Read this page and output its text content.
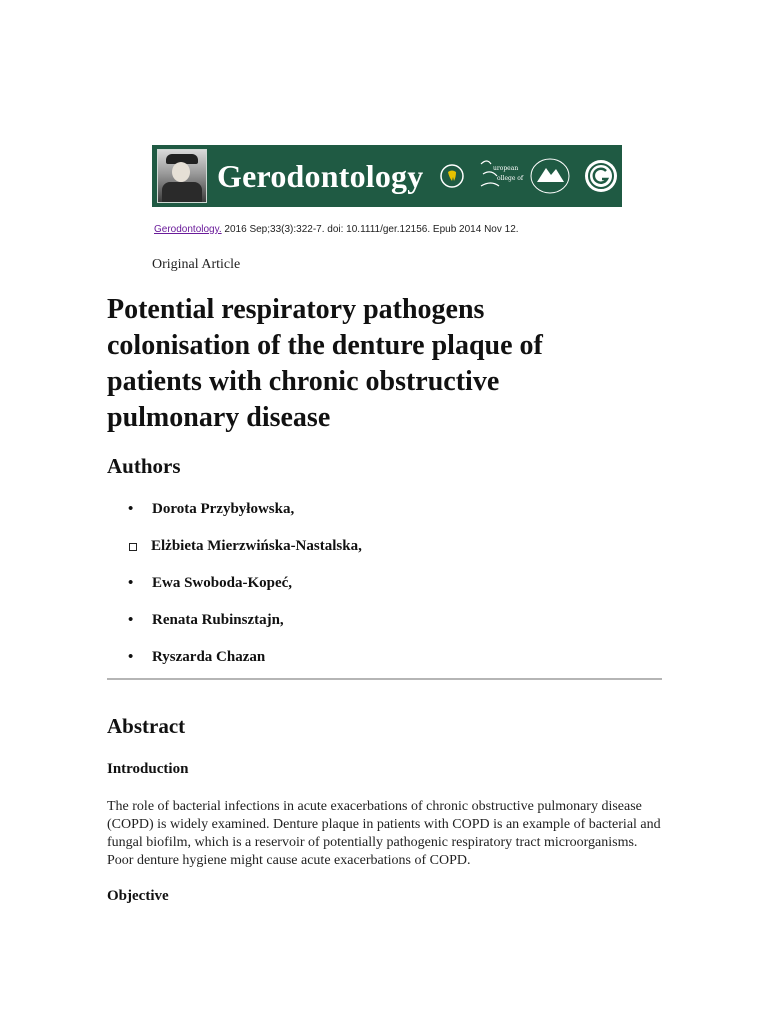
Gerodontology	uropean
ollege of
Gerodontology. 2016 Sep;33(3):322-7. doi: 10.1111/ger.12156. Epub 2014 Nov 12.
Original Article
Potential respiratory pathogens colonisation of the denture plaque of patients with chronic obstructive pulmonary disease
Authors
•	Dorota Przybyłowska,
Elżbieta Mierzwińska-Nastalska,
•	Ewa Swoboda-Kopeć,
•	Renata Rubinsztajn,
•	Ryszarda Chazan
Abstract
Introduction

The role of bacterial infections in acute exacerbations of chronic obstructive pulmonary disease (COPD) is widely examined. Denture plaque in patients with COPD is an example of bacterial and fungal biofilm, which is a reservoir of potentially pathogenic respiratory tract microorganisms. Poor denture hygiene might cause acute exacerbations of COPD.

Objective
